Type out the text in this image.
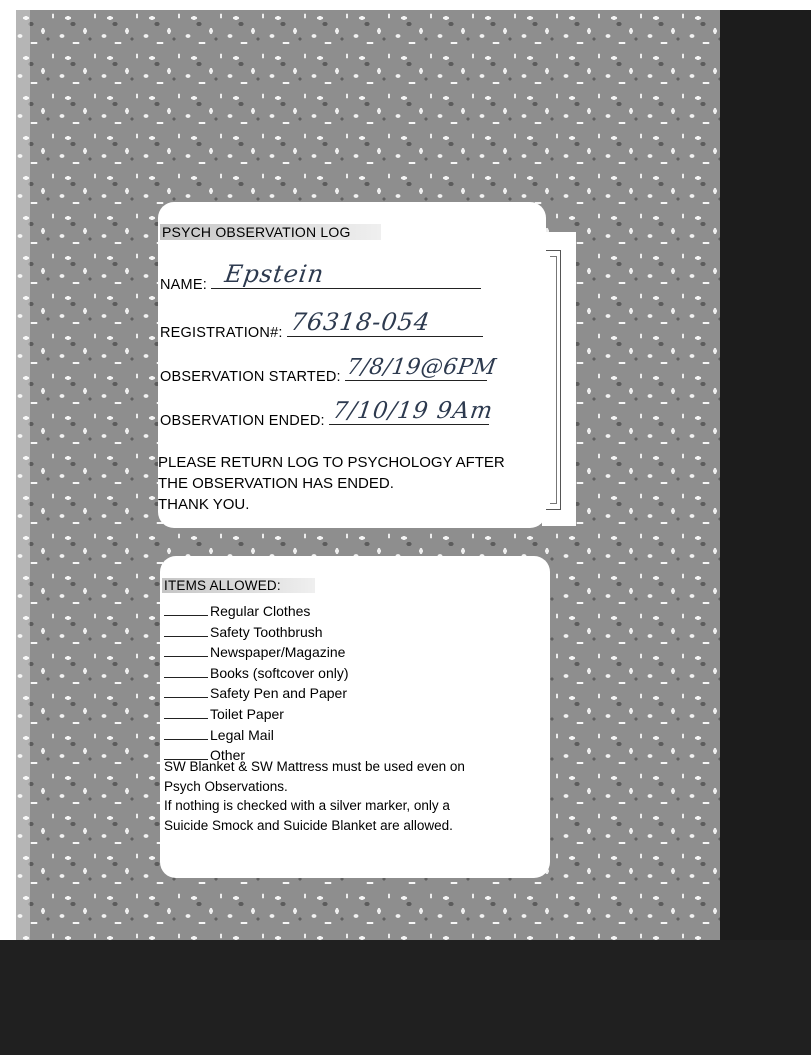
PSYCH OBSERVATION LOG
NAME: Epstein
REGISTRATION#: 76318-054
OBSERVATION STARTED: 7/8/19@6PM
OBSERVATION ENDED: 7/10/19 9Am
PLEASE RETURN LOG TO PSYCHOLOGY AFTER
THE OBSERVATION HAS ENDED.
THANK YOU.
ITEMS ALLOWED:
Regular Clothes
Safety Toothbrush
Newspaper/Magazine
Books (softcover only)
Safety Pen and Paper
Toilet Paper
Legal Mail
Other
SW Blanket & SW Mattress must be used even on
Psych Observations.
If nothing is checked with a silver marker, only a
Suicide Smock and Suicide Blanket are allowed.
